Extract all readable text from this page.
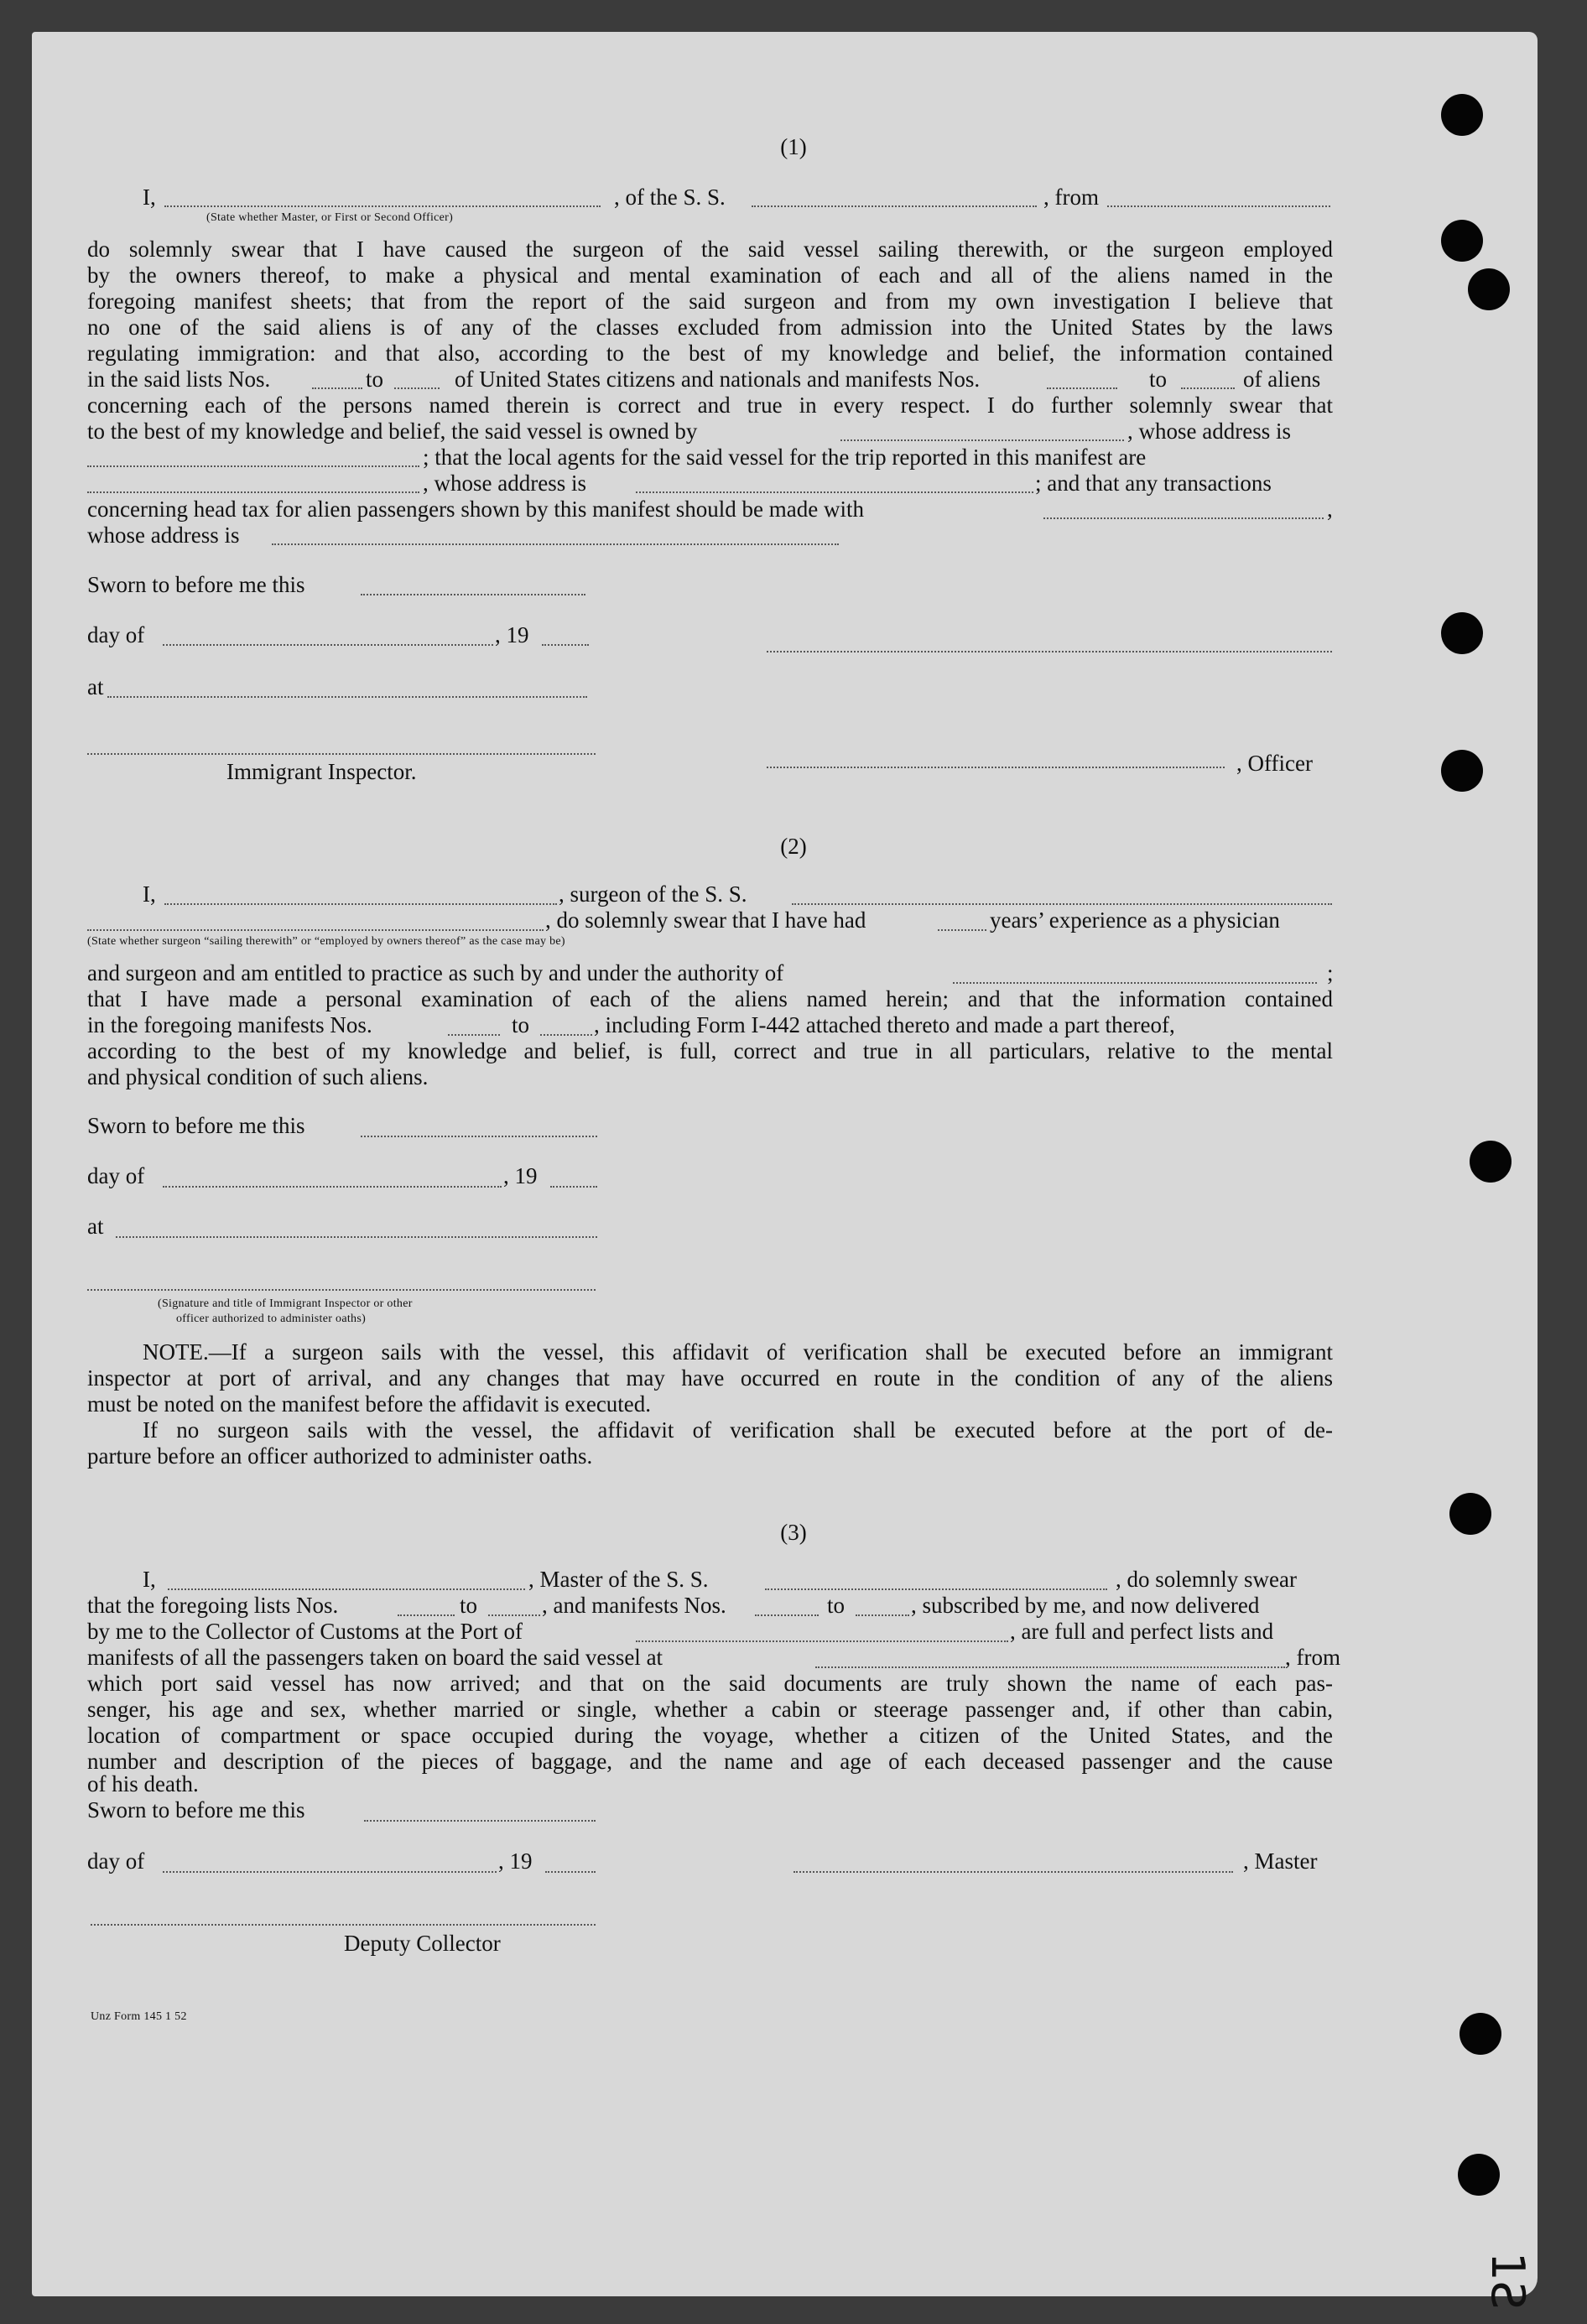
(1)
I,	, of the S. S.	, from
(State whether Master, or First or Second Officer)
do solemnly swear that I have caused the surgeon of the said vessel sailing therewith, or the surgeon employed
by the owners thereof, to make a physical and mental examination of each and all of the aliens named in the
foregoing manifest sheets; that from the report of the said surgeon and from my own investigation I believe that
no one of the said aliens is of any of the classes excluded from admission into the United States by the laws
regulating immigration: and that also, according to the best of my knowledge and belief, the information contained
in the said lists Nos.	to	of United States citizens and nationals and manifests Nos.	to	of aliens
concerning each of the persons named therein is correct and true in every respect. I do further solemnly swear that
to the best of my knowledge and belief, the said vessel is owned by	, whose address is
; that the local agents for the said vessel for the trip reported in this manifest are
, whose address is	; and that any transactions
concerning head tax for alien passengers shown by this manifest should be made with	,
whose address is
Sworn to before me this
day of	, 19
at
Immigrant Inspector.	, Officer
(2)
I,	, surgeon of the S. S.
, do solemnly swear that I have had	years’ experience as a physician
(State whether surgeon “sailing therewith” or “employed by owners thereof” as the case may be)
and surgeon and am entitled to practice as such by and under the authority of	;
that I have made a personal examination of each of the aliens named herein; and that the information contained
in the foregoing manifests Nos.	to	, including Form I-442 attached thereto and made a part thereof,
according to the best of my knowledge and belief, is full, correct and true in all particulars, relative to the mental
and physical condition of such aliens.
Sworn to before me this
day of	, 19
at
(Signature and title of Immigrant Inspector or other
officer authorized to administer oaths)
NOTE.—If a surgeon sails with the vessel, this affidavit of verification shall be executed before an immigrant
inspector at port of arrival, and any changes that may have occurred en route in the condition of any of the aliens
must be noted on the manifest before the affidavit is executed.
If no surgeon sails with the vessel, the affidavit of verification shall be executed before at the port of de-
parture before an officer authorized to administer oaths.
(3)
I,	, Master of the S. S.	, do solemnly swear
that the foregoing lists Nos.	to	, and manifests Nos.	to	, subscribed by me, and now delivered
by me to the Collector of Customs at the Port of	, are full and perfect lists and
manifests of all the passengers taken on board the said vessel at	, from
which port said vessel has now arrived; and that on the said documents are truly shown the name of each pas-
senger, his age and sex, whether married or single, whether a cabin or steerage passenger and, if other than cabin,
location of compartment or space occupied during the voyage, whether a citizen of the United States, and the
number and description of the pieces of baggage, and the name and age of each deceased passenger and the cause
of his death.
Sworn to before me this
day of	, 19	, Master
Deputy Collector
Unz Form 145 1 52
1Ƨ
